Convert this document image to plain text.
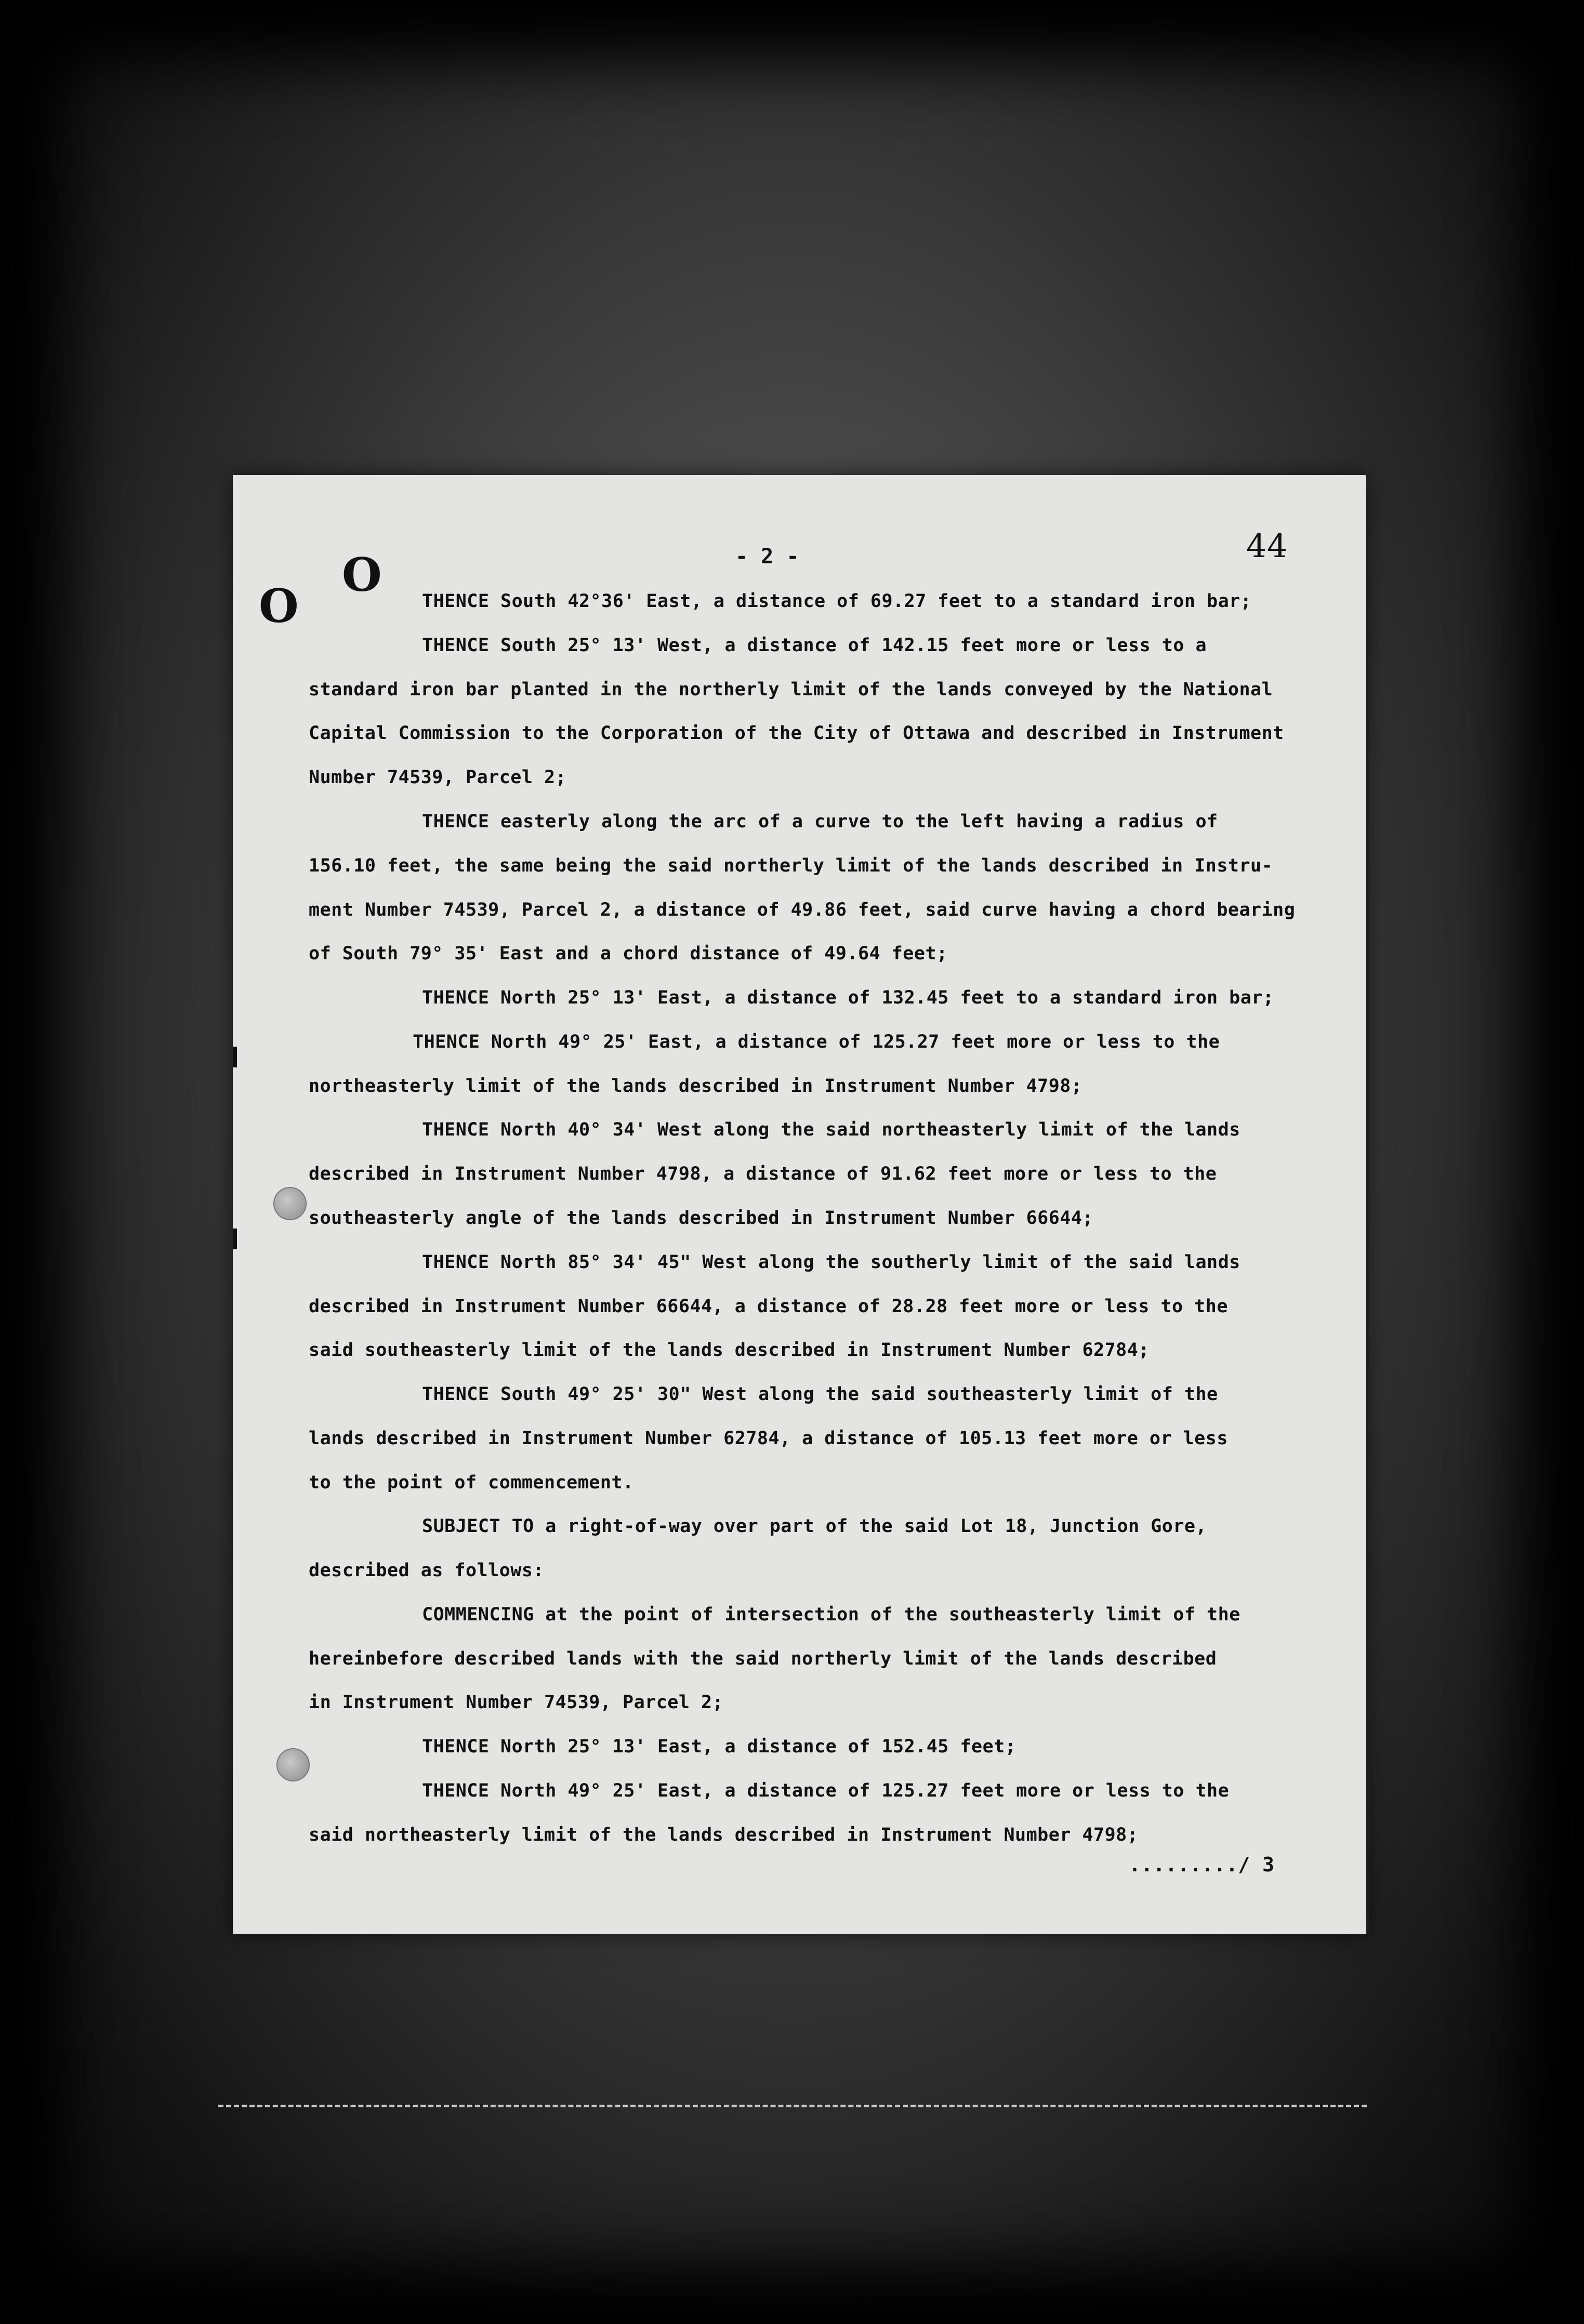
- 2 -	44
O
O THENCE South 42°36' East, a distance of 69.27 feet to a standard iron bar;
THENCE South 25° 13' West, a distance of 142.15 feet more or less to a
standard iron bar planted in the northerly limit of the lands conveyed by the National
Capital Commission to the Corporation of the City of Ottawa and described in Instrument
Number 74539, Parcel 2;
THENCE easterly along the arc of a curve to the left having a radius of
156.10 feet, the same being the said northerly limit of the lands described in Instru-
ment Number 74539, Parcel 2, a distance of 49.86 feet, said curve having a chord bearing
of South 79° 35' East and a chord distance of 49.64 feet;
THENCE North 25° 13' East, a distance of 132.45 feet to a standard iron bar;
THENCE North 49° 25' East, a distance of 125.27 feet more or less to the
northeasterly limit of the lands described in Instrument Number 4798;
THENCE North 40° 34' West along the said northeasterly limit of the lands
described in Instrument Number 4798, a distance of 91.62 feet more or less to the
southeasterly angle of the lands described in Instrument Number 66644;
THENCE North 85° 34' 45" West along the southerly limit of the said lands
described in Instrument Number 66644, a distance of 28.28 feet more or less to the
said southeasterly limit of the lands described in Instrument Number 62784;
THENCE South 49° 25' 30" West along the said southeasterly limit of the
lands described in Instrument Number 62784, a distance of 105.13 feet more or less
to the point of commencement.
SUBJECT TO a right-of-way over part of the said Lot 18, Junction Gore,
described as follows:
COMMENCING at the point of intersection of the southeasterly limit of the
hereinbefore described lands with the said northerly limit of the lands described
in Instrument Number 74539, Parcel 2;
THENCE North 25° 13' East, a distance of 152.45 feet;
THENCE North 49° 25' East, a distance of 125.27 feet more or less to the
said northeasterly limit of the lands described in Instrument Number 4798;
........./ 3
